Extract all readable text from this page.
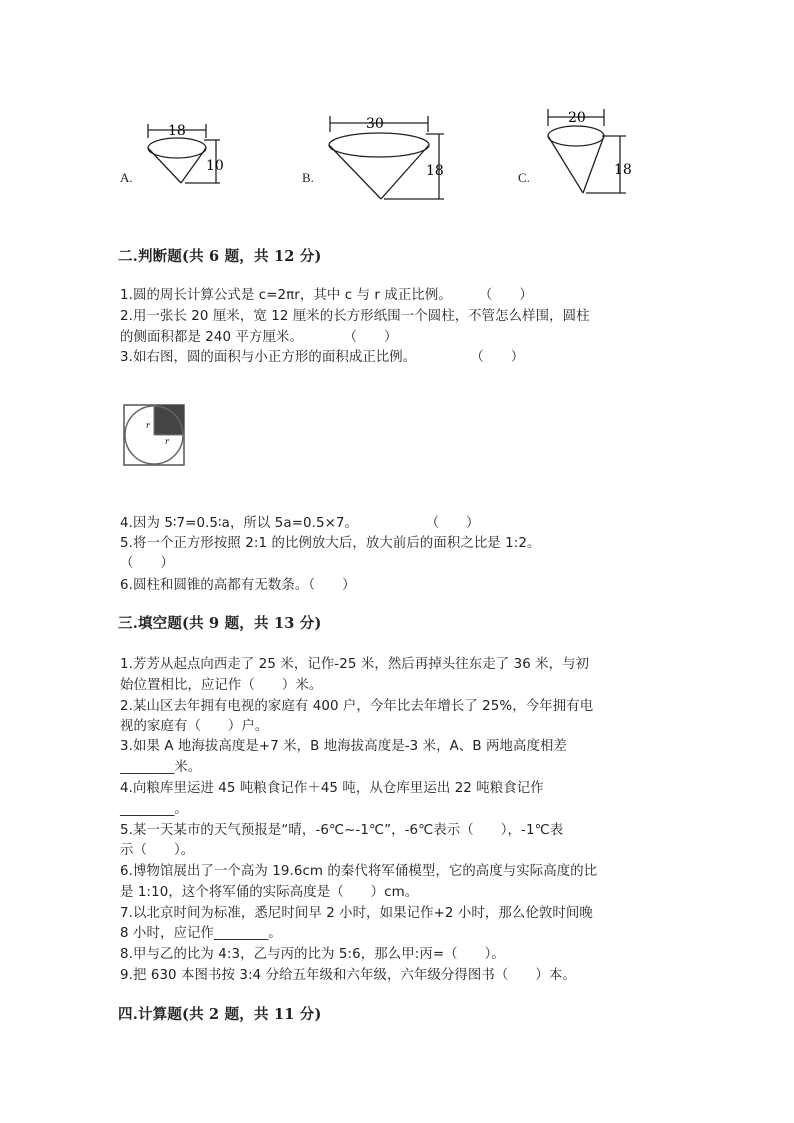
A.
18
10
B.
30
18	C.
20
18
二.判断题(共 6 题，共 12 分)
1.圆的周长计算公式是 c=2πr，其中 c 与 r 成正比例。　　　（　　）
2.用一张长 20 厘米，宽 12 厘米的长方形纸围一个圆柱，不管怎么样围，圆柱
的侧面积都是 240 平方厘米。　　　　（　　）
3.如右图，圆的面积与小正方形的面积成正比例。　　　　　（　　）
r
r
4.因为 5∶7=0.5∶a，所以 5a=0.5×7。　　　　　　（　　）
5.将一个正方形按照 2:1 的比例放大后，放大前后的面积之比是 1:2。
（　　）
6.圆柱和圆锥的高都有无数条。（　　）
三.填空题(共 9 题，共 13 分)
1.芳芳从起点向西走了 25 米，记作-25 米，然后再掉头往东走了 36 米，与初
始位置相比，应记作（　　）米。
2.某山区去年拥有电视的家庭有 400 户，今年比去年增长了 25%，今年拥有电
视的家庭有（　　）户。
3.如果 A 地海拔高度是+7 米，B 地海拔高度是-3 米，A、B 两地高度相差
________米。
4.向粮库里运进 45 吨粮食记作＋45 吨，从仓库里运出 22 吨粮食记作
________。
5.某一天某市的天气预报是“晴，-6℃~-1℃”，-6℃表示（　　），-1℃表
示（　　）。
6.博物馆展出了一个高为 19.6cm 的秦代将军俑模型，它的高度与实际高度的比
是 1:10，这个将军俑的实际高度是（　　）cm。
7.以北京时间为标准，悉尼时间早 2 小时，如果记作+2 小时，那么伦敦时间晚
8 小时，应记作________。
8.甲与乙的比为 4:3，乙与丙的比为 5:6，那么甲:丙=（　　）。
9.把 630 本图书按 3:4 分给五年级和六年级，六年级分得图书（　　）本。
四.计算题(共 2 题，共 11 分)
